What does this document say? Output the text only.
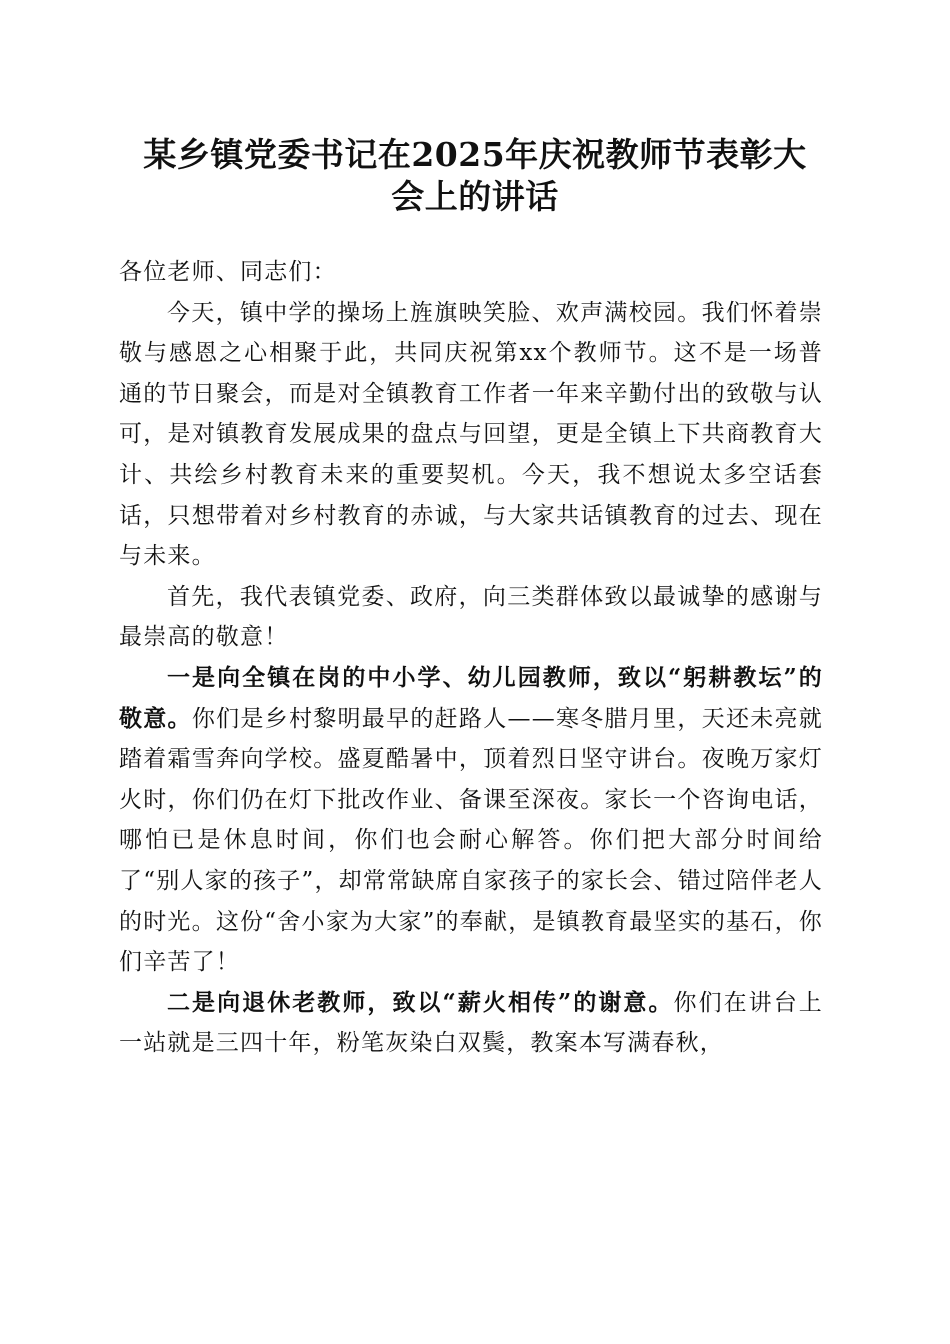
某乡镇党委书记在2025年庆祝教师节表彰大
会上的讲话

各位老师、同志们：

今天，镇中学的操场上旌旗映笑脸、欢声满校园。我们怀着崇敬与感恩之心相聚于此，共同庆祝第xx个教师节。这不是一场普通的节日聚会，而是对全镇教育工作者一年来辛勤付出的致敬与认可，是对镇教育发展成果的盘点与回望，更是全镇上下共商教育大计、共绘乡村教育未来的重要契机。今天，我不想说太多空话套话，只想带着对乡村教育的赤诚，与大家共话镇教育的过去、现在与未来。

首先，我代表镇党委、政府，向三类群体致以最诚挚的感谢与最崇高的敬意！

一是向全镇在岗的中小学、幼儿园教师，致以“躬耕教坛”的敬意。你们是乡村黎明最早的赶路人——寒冬腊月里，天还未亮就踏着霜雪奔向学校。盛夏酷暑中，顶着烈日坚守讲台。夜晚万家灯火时，你们仍在灯下批改作业、备课至深夜。家长一个咨询电话，哪怕已是休息时间，你们也会耐心解答。你们把大部分时间给了“别人家的孩子”，却常常缺席自家孩子的家长会、错过陪伴老人的时光。这份“舍小家为大家”的奉献，是镇教育最坚实的基石，你们辛苦了！

二是向退休老教师，致以“薪火相传”的谢意。你们在讲台上一站就是三四十年，粉笔灰染白双鬓，教案本写满春秋，
